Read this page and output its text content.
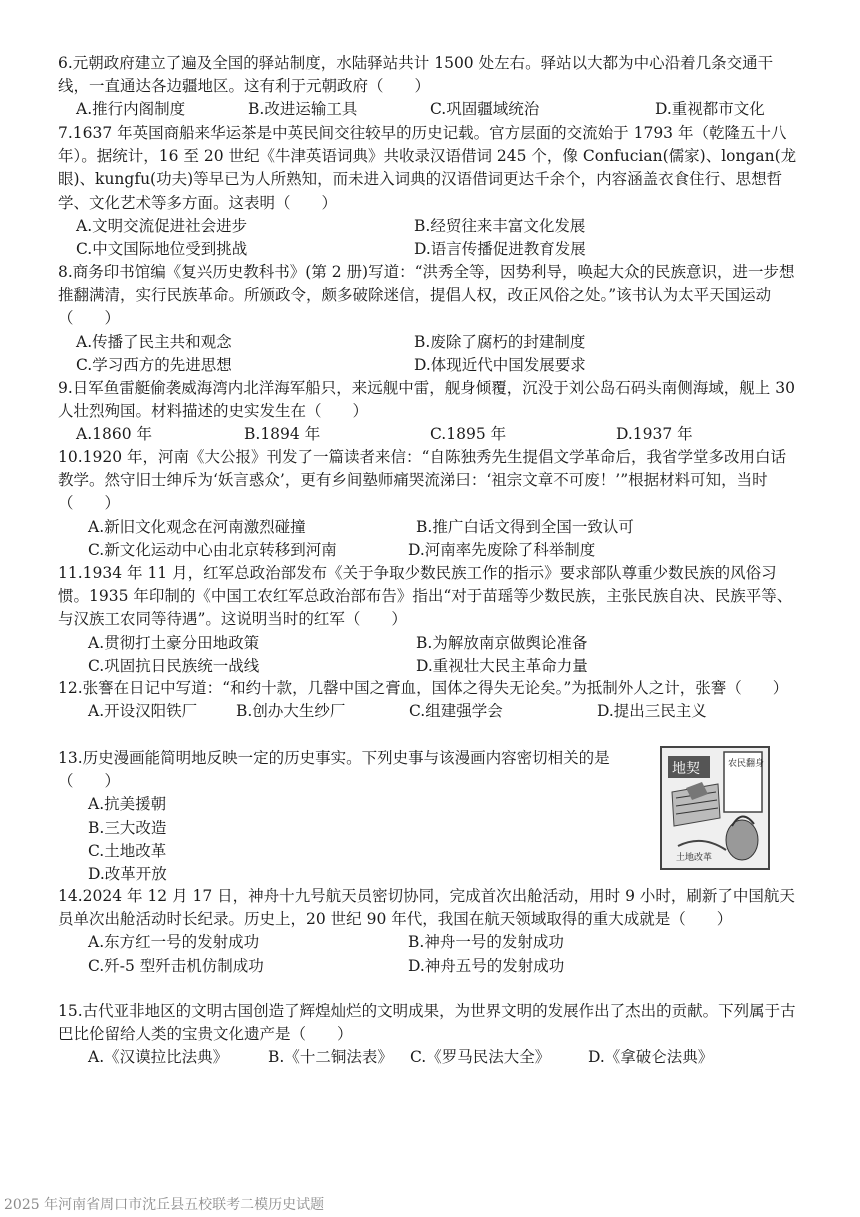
6.元朝政府建立了遍及全国的驿站制度，水陆驿站共计 1500 处左右。驿站以大都为中心沿着几条交通干线，一直通达各边疆地区。这有利于元朝政府（　　）
A.推行内阁制度	B.改进运输工具	C.巩固疆域统治	D.重视都市文化
7.1637 年英国商船来华运茶是中英民间交往较早的历史记载。官方层面的交流始于 1793 年（乾隆五十八年）。据统计，16 至 20 世纪《牛津英语词典》共收录汉语借词 245 个，像 Confucian(儒家)、longan(龙眼)、kungfu(功夫)等早已为人所熟知，而未进入词典的汉语借词更达千余个，内容涵盖衣食住行、思想哲学、文化艺术等多方面。这表明（　　）
A.文明交流促进社会进步	B.经贸往来丰富文化发展
C.中文国际地位受到挑战	D.语言传播促进教育发展
8.商务印书馆编《复兴历史教科书》(第 2 册)写道：“洪秀全等，因势利导，唤起大众的民族意识，进一步想推翻满清，实行民族革命。所颁政令，颇多破除迷信，提倡人权，改正风俗之处。”该书认为太平天国运动（　　）
A.传播了民主共和观念	B.废除了腐朽的封建制度
C.学习西方的先进思想	D.体现近代中国发展要求
9.日军鱼雷艇偷袭威海湾内北洋海军船只，来远舰中雷，舰身倾覆，沉没于刘公岛石码头南侧海域，舰上 30 人壮烈殉国。材料描述的史实发生在（　　）
A.1860 年	B.1894 年	C.1895 年	D.1937 年
10.1920 年，河南《大公报》刊发了一篇读者来信：“自陈独秀先生提倡文学革命后，我省学堂多改用白话教学。然守旧士绅斥为‘妖言惑众’，更有乡间塾师痛哭流涕曰：‘祖宗文章不可废！’”根据材料可知，当时（　　）
A.新旧文化观念在河南激烈碰撞	B.推广白话文得到全国一致认可
C.新文化运动中心由北京转移到河南	D.河南率先废除了科举制度
11.1934 年 11 月，红军总政治部发布《关于争取少数民族工作的指示》要求部队尊重少数民族的风俗习惯。1935 年印制的《中国工农红军总政治部布告》指出“对于苗瑶等少数民族，主张民族自决、民族平等、与汉族工农同等待遇”。这说明当时的红军（　　）
A.贯彻打土豪分田地政策	B.为解放南京做舆论准备
C.巩固抗日民族统一战线	D.重视壮大民主革命力量
12.张謇在日记中写道：“和约十款，几罄中国之膏血，国体之得失无论矣。”为抵制外人之计，张謇（　　）
A.开设汉阳铁厂	B.创办大生纱厂	C.组建强学会	D.提出三民主义
13.历史漫画能简明地反映一定的历史事实。下列史事与该漫画内容密切相关的是（　　）
A.抗美援朝
B.三大改造
C.土地改革
D.改革开放
地契	农民翻身
土地改革
14.2024 年 12 月 17 日，神舟十九号航天员密切协同，完成首次出舱活动，用时 9 小时，刷新了中国航天员单次出舱活动时长纪录。历史上，20 世纪 90 年代，我国在航天领域取得的重大成就是（　　）
A.东方红一号的发射成功	B.神舟一号的发射成功
C.歼-5 型歼击机仿制成功	D.神舟五号的发射成功
15.古代亚非地区的文明古国创造了辉煌灿烂的文明成果，为世界文明的发展作出了杰出的贡献。下列属于古巴比伦留给人类的宝贵文化遗产是（　　）
A.《汉谟拉比法典》	B.《十二铜法表》	C.《罗马民法大全》	D.《拿破仑法典》
2025 年河南省周口市沈丘县五校联考二模历史试题
